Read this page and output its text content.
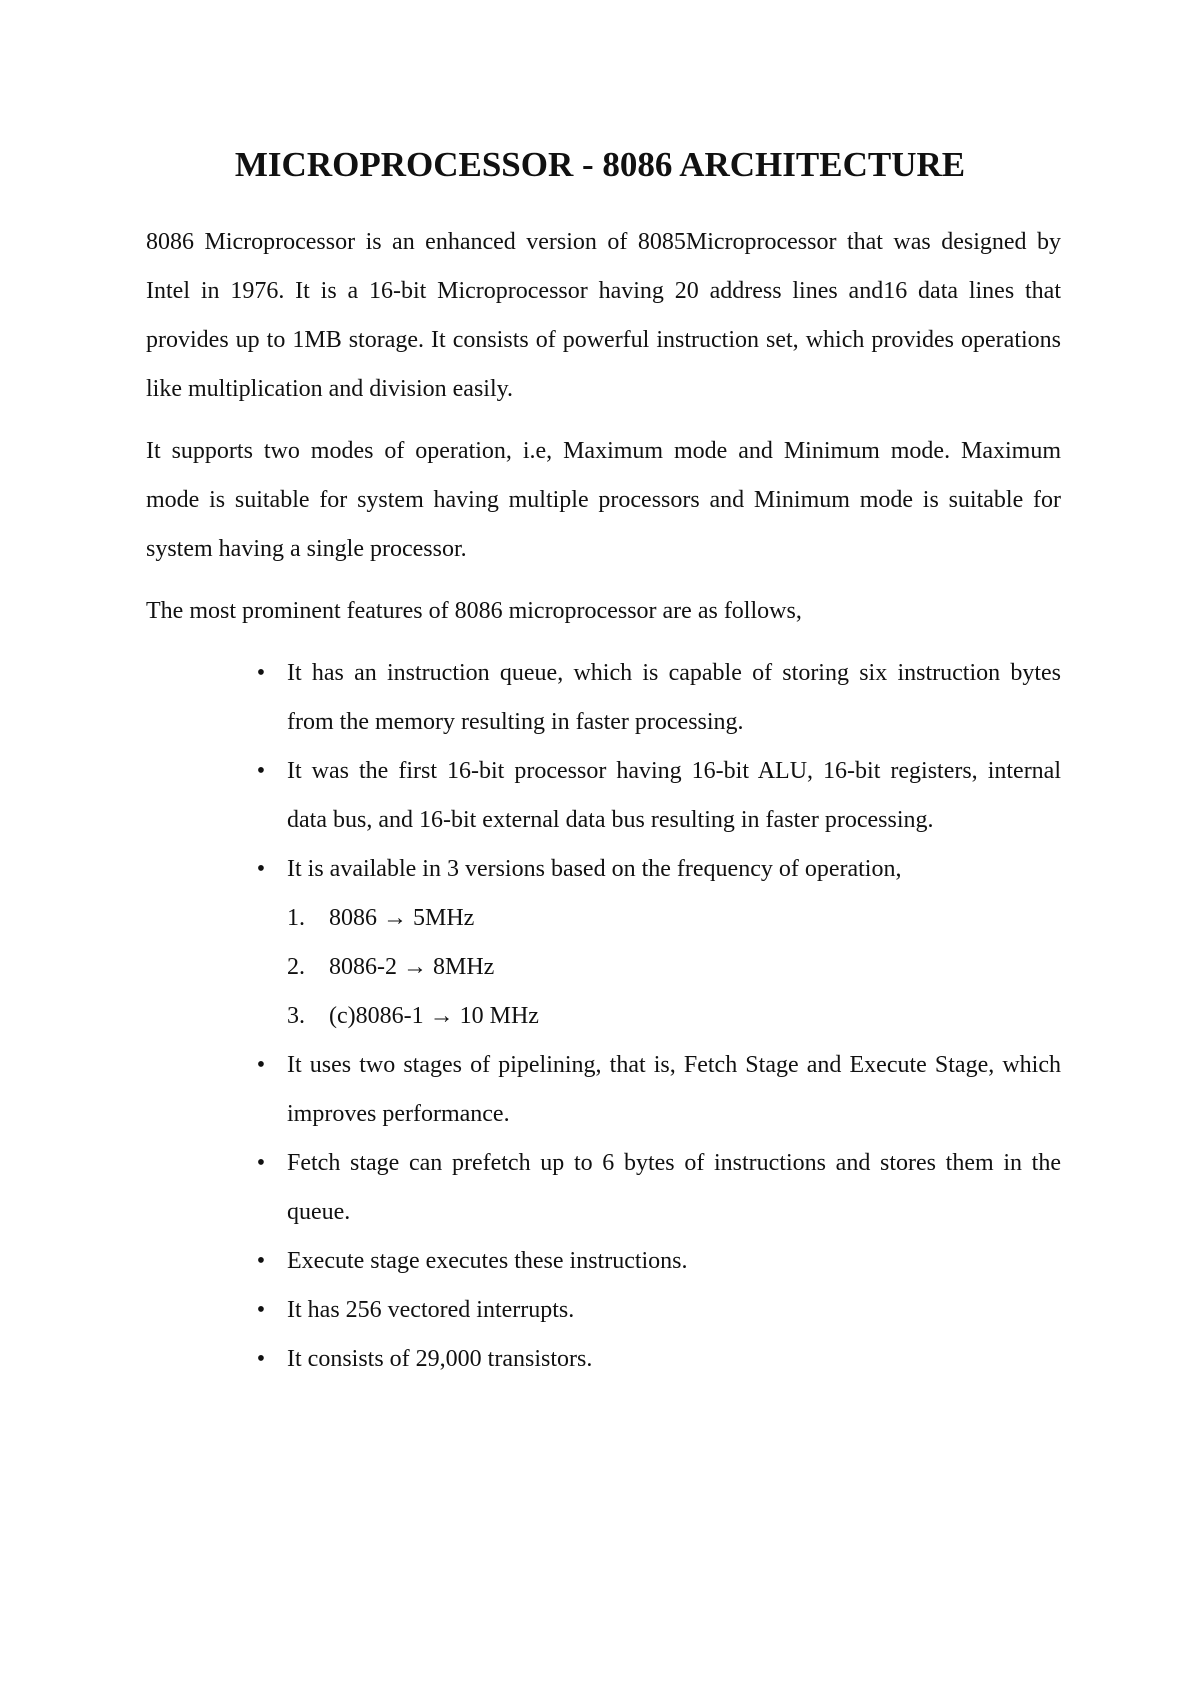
MICROPROCESSOR - 8086 ARCHITECTURE

8086 Microprocessor is an enhanced version of 8085Microprocessor that was designed by Intel in 1976. It is a 16-bit Microprocessor having 20 address lines and16 data lines that provides up to 1MB storage. It consists of powerful instruction set, which provides operations like multiplication and division easily.

It supports two modes of operation, i.e, Maximum mode and Minimum mode. Maximum mode is suitable for system having multiple processors and Minimum mode is suitable for system having a single processor.

The most prominent features of 8086 microprocessor are as follows,

• It has an instruction queue, which is capable of storing six instruction bytes from the memory resulting in faster processing.
• It was the first 16-bit processor having 16-bit ALU, 16-bit registers, internal data bus, and 16-bit external data bus resulting in faster processing.
• It is available in 3 versions based on the frequency of operation,
1.	8086 → 5MHz
2.	8086-2 → 8MHz
3.	(c)8086-1 → 10 MHz
• It uses two stages of pipelining, that is, Fetch Stage and Execute Stage, which improves performance.
• Fetch stage can prefetch up to 6 bytes of instructions and stores them in the queue.
• Execute stage executes these instructions.
• It has 256 vectored interrupts.
• It consists of 29,000 transistors.
